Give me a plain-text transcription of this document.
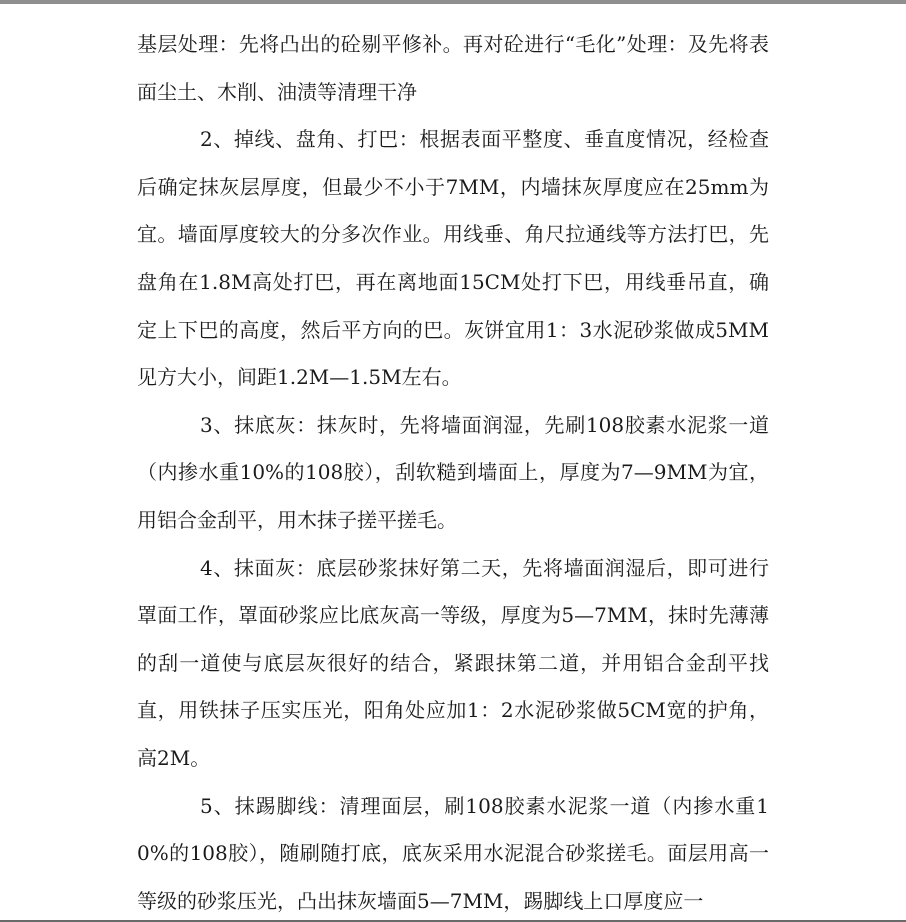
基层处理：先将凸出的砼剔平修补。再对砼进行“毛化”处理：及先将表面尘土、木削、油渍等清理干净

2、掉线、盘角、打巴：根据表面平整度、垂直度情况，经检查后确定抹灰层厚度，但最少不小于7MM，内墙抹灰厚度应在25mm为宜。墙面厚度较大的分多次作业。用线垂、角尺拉通线等方法打巴，先盘角在1.8M高处打巴，再在离地面15CM处打下巴，用线垂吊直，确定上下巴的高度，然后平方向的巴。灰饼宜用1：3水泥砂浆做成5MM见方大小，间距1.2M—1.5M左右。

3、抹底灰：抹灰时，先将墙面润湿，先刷108胶素水泥浆一道（内掺水重10%的108胶），刮软糙到墙面上，厚度为7—9MM为宜，用铝合金刮平，用木抹子搓平搓毛。

4、抹面灰：底层砂浆抹好第二天，先将墙面润湿后，即可进行罩面工作，罩面砂浆应比底灰高一等级，厚度为5—7MM，抹时先薄薄的刮一道使与底层灰很好的结合，紧跟抹第二道，并用铝合金刮平找直，用铁抹子压实压光，阳角处应加1：2水泥砂浆做5CM宽的护角，高2M。

5、抹踢脚线：清理面层，刷108胶素水泥浆一道（内掺水重10%的108胶），随刷随打底，底灰采用水泥混合砂浆搓毛。面层用高一等级的砂浆压光，凸出抹灰墙面5—7MM，踢脚线上口厚度应一
